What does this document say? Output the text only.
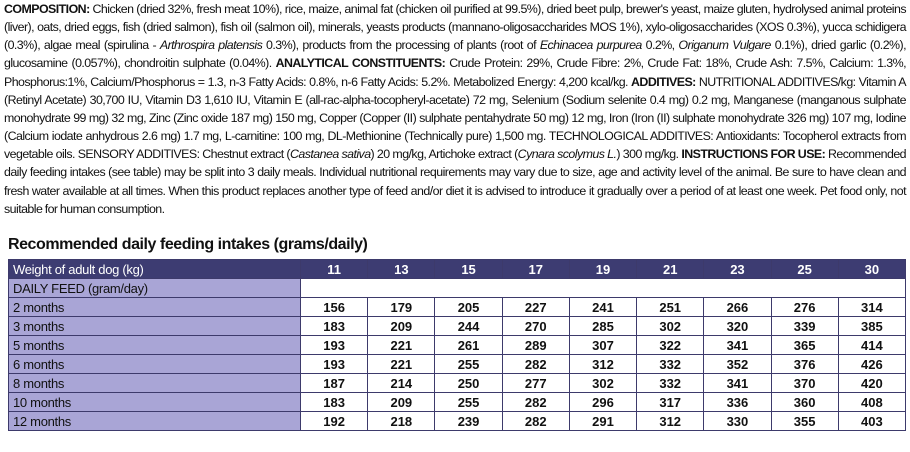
COMPOSITION: Chicken (dried 32%, fresh meat 10%), rice, maize, animal fat (chicken oil purified at 99.5%), dried beet pulp, brewer's yeast, maize gluten, hydrolysed animal proteins (liver), oats, dried eggs, fish (dried salmon), fish oil (salmon oil), minerals, yeasts products (mannano-oligosaccharides MOS 1%), xylo-oligosaccharides (XOS 0.3%), yucca schidigera (0.3%), algae meal (spirulina - Arthrospira platensis 0.3%), products from the processing of plants (root of Echinacea purpurea 0.2%, Origanum Vulgare 0.1%), dried garlic (0.2%), glucosamine (0.057%), chondroitin sulphate (0.04%). ANALYTICAL CONSTITUENTS: Crude Protein: 29%, Crude Fibre: 2%, Crude Fat: 18%, Crude Ash: 7.5%, Calcium: 1.3%, Phosphorus:1%, Calcium/Phosphorus = 1.3, n-3 Fatty Acids: 0.8%, n-6 Fatty Acids: 5.2%. Metabolized Energy: 4,200 kcal/kg. ADDITIVES: NUTRITIONAL ADDITIVES/kg: Vitamin A (Retinyl Acetate) 30,700 IU, Vitamin D3 1,610 IU, Vitamin E (all-rac-alpha-tocopheryl-acetate) 72 mg, Selenium (Sodium selenite 0.4 mg) 0.2 mg, Manganese (manganous sulphate monohydrate 99 mg) 32 mg, Zinc (Zinc oxide 187 mg) 150 mg, Copper (Copper (II) sulphate pentahydrate 50 mg) 12 mg, Iron (Iron (II) sulphate monohydrate 326 mg) 107 mg, Iodine (Calcium iodate anhydrous 2.6 mg) 1.7 mg, L-carnitine: 100 mg, DL-Methionine (Technically pure) 1,500 mg. TECHNOLOGICAL ADDITIVES: Antioxidants: Tocopherol extracts from vegetable oils. SENSORY ADDITIVES: Chestnut extract (Castanea sativa) 20 mg/kg, Artichoke extract (Cynara scolymus L.) 300 mg/kg. INSTRUCTIONS FOR USE: Recommended daily feeding intakes (see table) may be split into 3 daily meals. Individual nutritional requirements may vary due to size, age and activity level of the animal. Be sure to have clean and fresh water available at all times. When this product replaces another type of feed and/or diet it is advised to introduce it gradually over a period of at least one week. Pet food only, not suitable for human consumption.

Recommended daily feeding intakes (grams/daily)
Weight of adult dog (kg)	11	13	15	17	19	21	23	25	30
DAILY FEED (gram/day)									
2 months	156	179	205	227	241	251	266	276	314
3 months	183	209	244	270	285	302	320	339	385
5 months	193	221	261	289	307	322	341	365	414
6 months	193	221	255	282	312	332	352	376	426
8 months	187	214	250	277	302	332	341	370	420
10 months	183	209	255	282	296	317	336	360	408
12 months	192	218	239	282	291	312	330	355	403
